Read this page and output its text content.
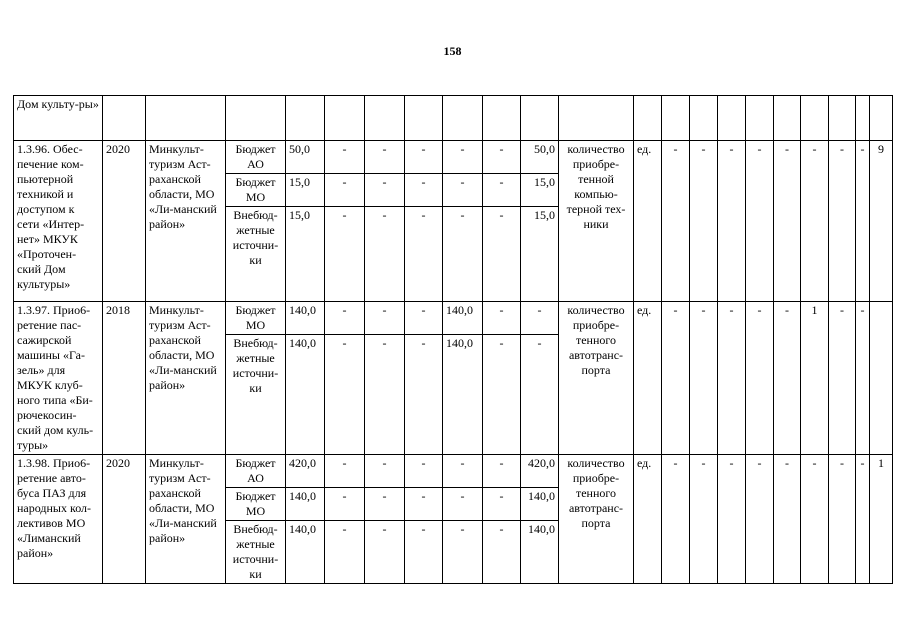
158
Дом культу-ры»																					
1.3.96. Обес-печение ком-пьютерной техникой и доступом к сети «Интер-нет» МКУК «Проточен-ский Дом культуры»	2020	Минкульт-туризм Аст-раханской области, МО «Ли-манский район»	Бюджет АО	50,0	-	-	-	-	-	50,0	количество приобре-тенной компью-терной тех-ники	ед.	-	-	-	-	-	-	-	-	9
			Бюджет МО	15,0	-	-	-	-	-	15,0											
			Внебюд-жетные источни-ки	15,0	-	-	-	-	-	15,0											
1.3.97. Прио6-ретение пас-сажирской машины «Га-зель» для МКУК клуб-ного типа «Би-рючекосин-ский дом куль-туры»	2018	Минкульт-туризм Аст-раханской области, МО «Ли-манский район»	Бюджет МО	140,0	-	-	-	140,0	-	-	количество приобре-тенного автотранс-порта	ед.	-	-	-	-	-	1	-	-	
			Внебюд-жетные источни-ки	140,0	-	-	-	140,0	-	-											
1.3.98. Прио6-ретение авто-буса ПАЗ для народных кол-лективов МО «Лиманский район»	2020	Минкульт-туризм Аст-раханской области, МО «Ли-манский район»	Бюджет АО	420,0	-	-	-	-	-	420,0	количество приобре-тенного автотранс-порта	ед.	-	-	-	-	-	-	-	-	1
			Бюджет МО	140,0	-	-	-	-	-	140,0											
			Внебюд-жетные источни-ки	140,0	-	-	-	-	-	140,0											
